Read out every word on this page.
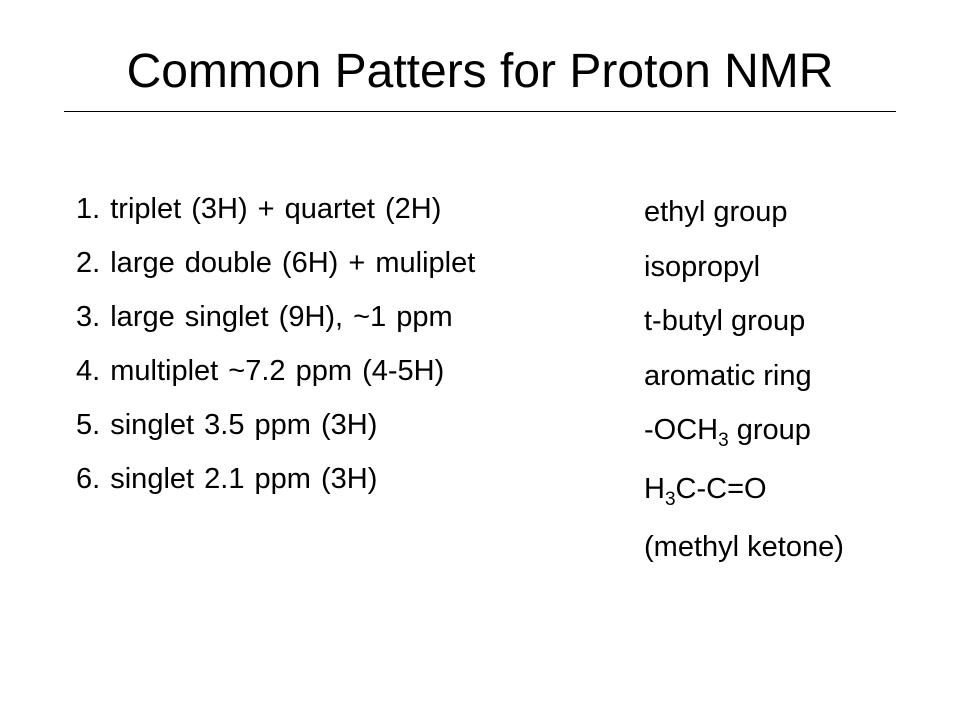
Common Patters for Proton NMR
1. triplet (3H) + quartet (2H)
2. large double (6H) + muliplet
3. large singlet (9H), ~1 ppm
4. multiplet ~7.2 ppm (4-5H)
5. singlet 3.5 ppm (3H)
6. singlet 2.1 ppm (3H)
ethyl group
isopropyl
t-butyl group
aromatic ring
$-OCH_3$ group
$H_3C-C=O$
(methyl ketone)
